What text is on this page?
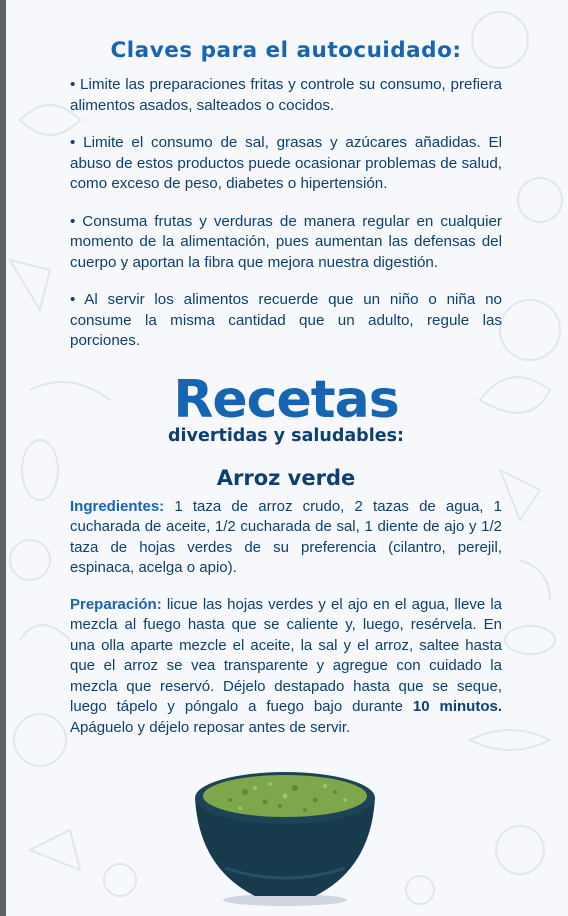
Claves para el autocuidado:

• Limite las preparaciones fritas y controle su consumo, prefiera alimentos asados, salteados o cocidos.

• Limite el consumo de sal, grasas y azúcares añadidas. El abuso de estos productos puede ocasionar problemas de salud, como exceso de peso, diabetes o hipertensión.

• Consuma frutas y verduras de manera regular en cualquier momento de la alimentación, pues aumentan las defensas del cuerpo y aportan la fibra que mejora nuestra digestión.

• Al servir los alimentos recuerde que un niño o niña no consume la misma cantidad que un adulto, regule las porciones.

Recetas
divertidas y saludables:
Arroz verde

Ingredientes: 1 taza de arroz crudo, 2 tazas de agua, 1 cucharada de aceite, 1/2 cucharada de sal, 1 diente de ajo y 1/2 taza de hojas verdes de su preferencia (cilantro, perejil, espinaca, acelga o apio).

Preparación: licue las hojas verdes y el ajo en el agua, lleve la mezcla al fuego hasta que se caliente y, luego, resérvela. En una olla aparte mezcle el aceite, la sal y el arroz, saltee hasta que el arroz se vea transparente y agregue con cuidado la mezcla que reservó. Déjelo destapado hasta que se seque, luego tápelo y póngalo a fuego bajo durante 10 minutos. Apáguelo y déjelo reposar antes de servir.
